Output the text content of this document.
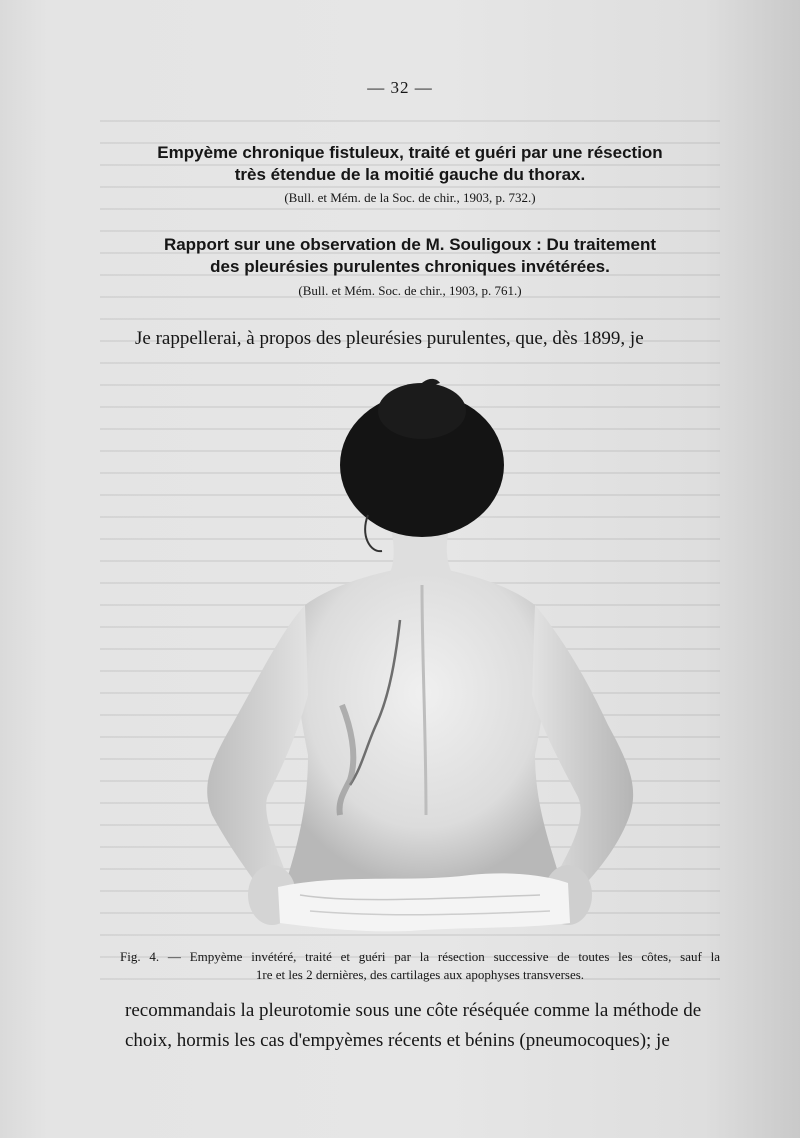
— 32 —
Empyème chronique fistuleux, traité et guéri par une résection
très étendue de la moitié gauche du thorax.
(Bull. et Mém. de la Soc. de chir., 1903, p. 732.)
Rapport sur une observation de M. Souligoux : Du traitement
des pleurésies purulentes chroniques invétérées.
(Bull. et Mém. Soc. de chir., 1903, p. 761.)
Je rappellerai, à propos des pleurésies purulentes, que, dès 1899, je
Fig. 4. — Empyème invétéré, traité et guéri par la résection successive de toutes les côtes, sauf la
1re et les 2 dernières, des cartilages aux apophyses transverses.
recommandais la pleurotomie sous une côte réséquée comme la méthode de
choix, hormis les cas d'empyèmes récents et bénins (pneumocoques); je
